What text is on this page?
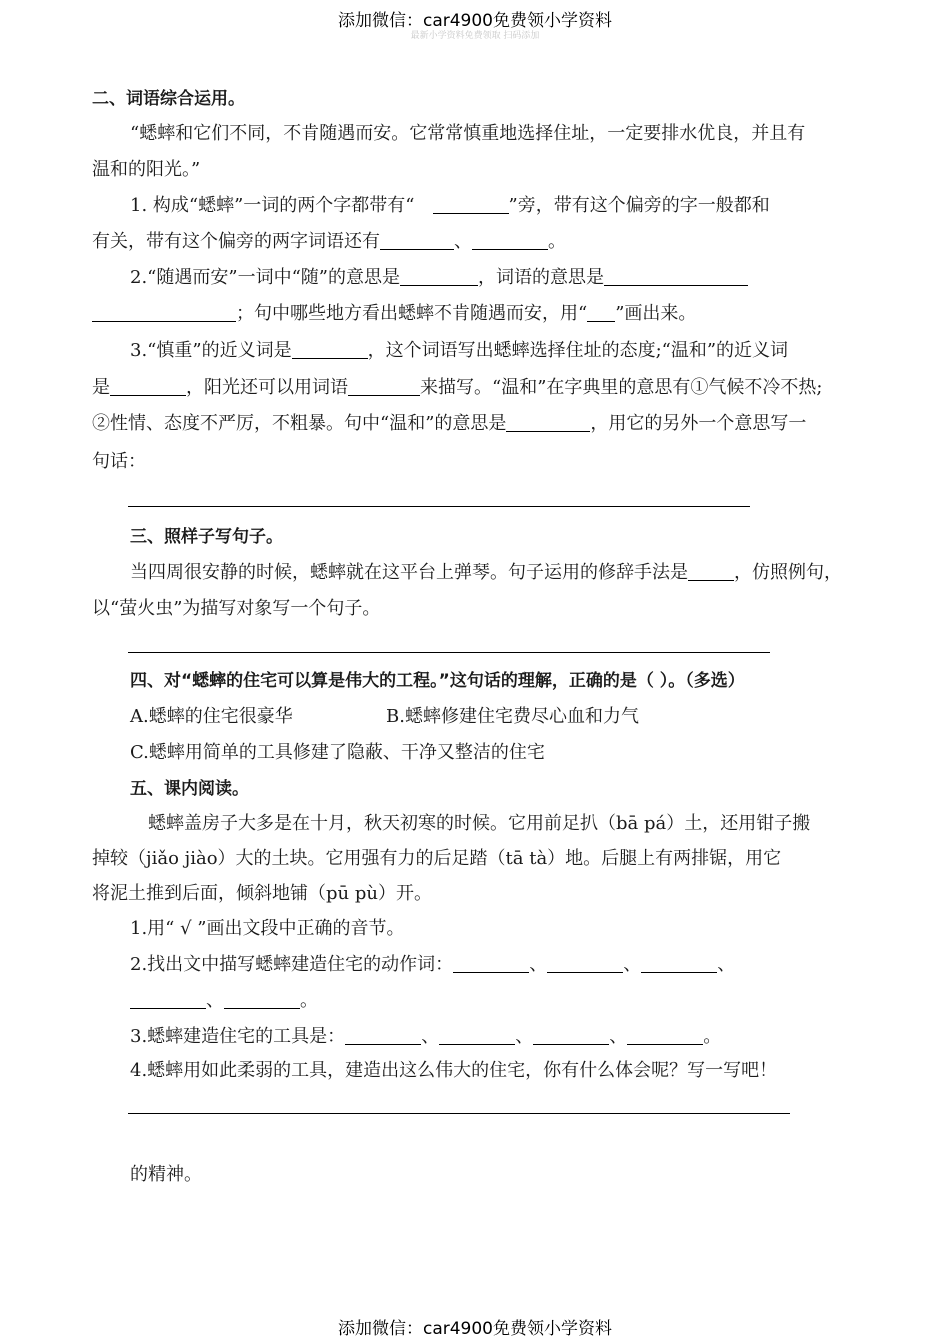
添加微信：car4900免费领小学资料
最新小学资料免费领取 扫码添加
二、词语综合运用。
“蟋蟀和它们不同，不肯随遇而安。它常常慎重地选择住址，一定要排水优良，并且有
温和的阳光。”
1. 构成“蟋蟀”一词的两个字都带有“	”旁，带有这个偏旁的字一般都和
有关，带有这个偏旁的两字词语还有	、	。
2.“随遇而安”一词中“随”的意思是	，词语的意思是
；句中哪些地方看出蟋蟀不肯随遇而安，用“ ”画出来。
3.“慎重”的近义词是	，这个词语写出蟋蟀选择住址的态度;“温和”的近义词
是	，阳光还可以用词语	来描写。“温和”在字典里的意思有①气候不冷不热;
②性情、态度不严厉，不粗暴。句中“温和”的意思是	，用它的另外一个意思写一
句话：
三、照样子写句子。
当四周很安静的时候，蟋蟀就在这平台上弹琴。句子运用的修辞手法是	，仿照例句，
以“萤火虫”为描写对象写一个句子。
四、对“蟋蟀的住宅可以算是伟大的工程。”这句话的理解，正确的是（ ）。（多选）
A.蟋蟀的住宅很豪华	B.蟋蟀修建住宅费尽心血和力气
C.蟋蟀用简单的工具修建了隐蔽、干净又整洁的住宅
五、课内阅读。
蟋蟀盖房子大多是在十月，秋天初寒的时候。它用前足扒（bā pá）土，还用钳子搬
掉较（jiǎo jiào）大的土块。它用强有力的后足踏（tā tà）地。后腿上有两排锯，用它
将泥土推到后面，倾斜地铺（pū pù）开。
1.用“ √ ”画出文段中正确的音节。
2.找出文中描写蟋蟀建造住宅的动作词：	、	、	、
、	。
3.蟋蟀建造住宅的工具是：	、	、	、	。
4.蟋蟀用如此柔弱的工具，建造出这么伟大的住宅，你有什么体会呢？写一写吧！
的精神。
添加微信：car4900免费领小学资料
